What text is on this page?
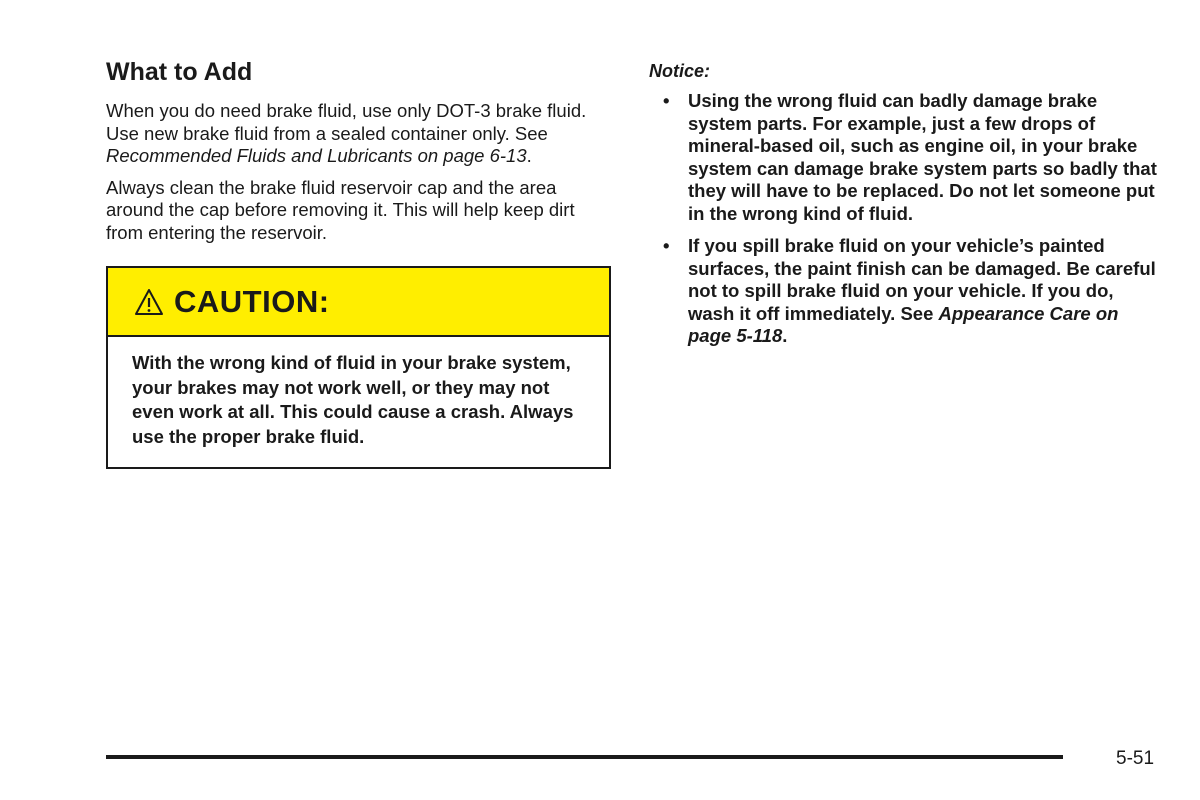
What to Add

When you do need brake fluid, use only DOT-3 brake fluid. Use new brake fluid from a sealed container only. See Recommended Fluids and Lubricants on page 6-13.

Always clean the brake fluid reservoir cap and the area around the cap before removing it. This will help keep dirt from entering the reservoir.

CAUTION:
With the wrong kind of fluid in your brake system, your brakes may not work well, or they may not even work at all. This could cause a crash. Always use the proper brake fluid.
Notice:
• Using the wrong fluid can badly damage brake system parts. For example, just a few drops of mineral-based oil, such as engine oil, in your brake system can damage brake system parts so badly that they will have to be replaced. Do not let someone put in the wrong kind of fluid.
• If you spill brake fluid on your vehicle’s painted surfaces, the paint finish can be damaged. Be careful not to spill brake fluid on your vehicle. If you do, wash it off immediately. See Appearance Care on page 5-118.
5-51
